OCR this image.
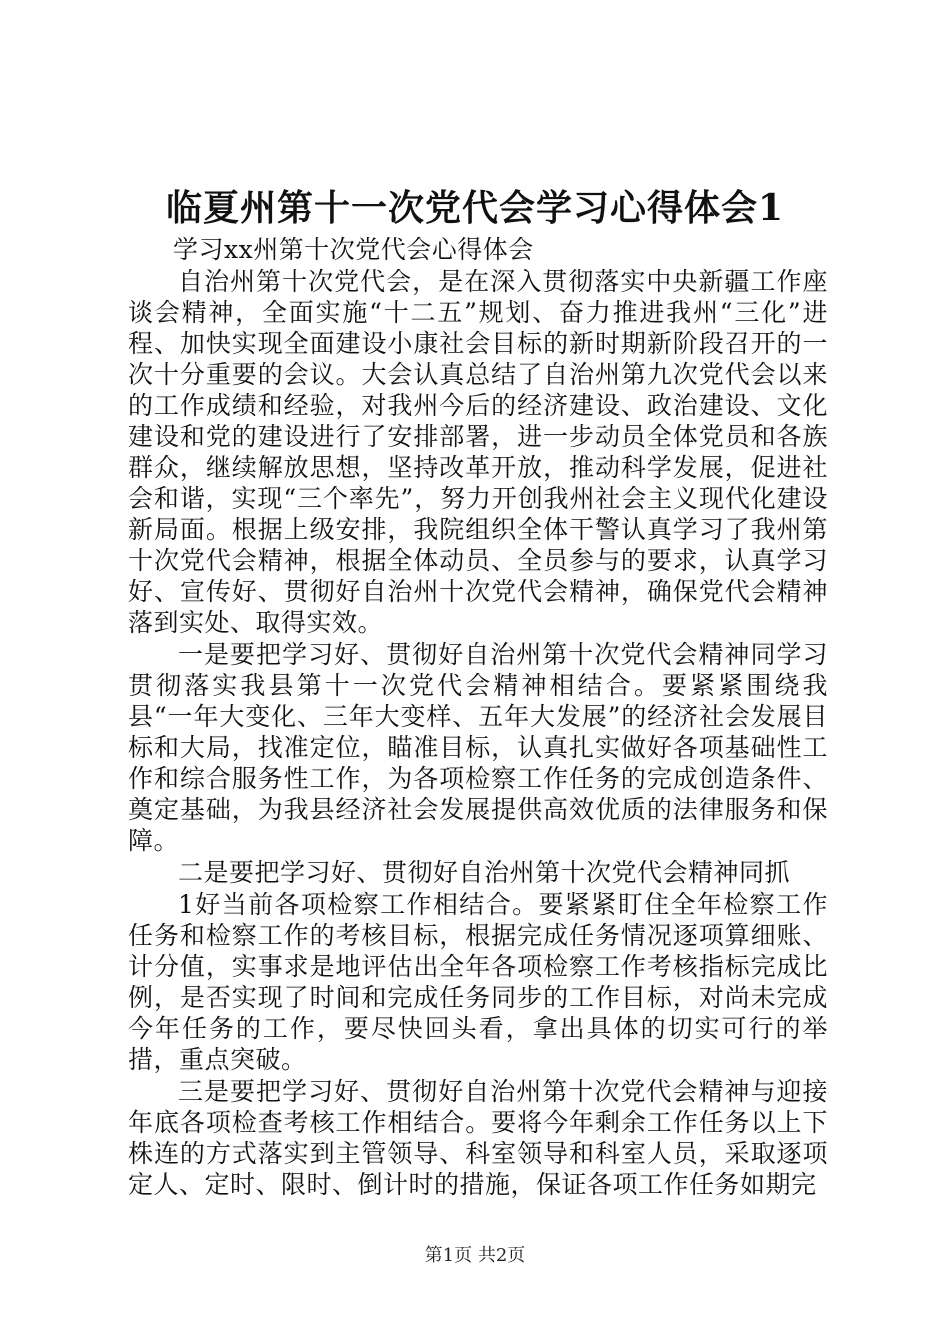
临夏州第十一次党代会学习心得体会1

学习xx州第十次党代会心得体会

自治州第十次党代会，是在深入贯彻落实中央新疆工作座谈会精神，全面实施“十二五”规划、奋力推进我州“三化”进程、加快实现全面建设小康社会目标的新时期新阶段召开的一次十分重要的会议。大会认真总结了自治州第九次党代会以来的工作成绩和经验，对我州今后的经济建设、政治建设、文化建设和党的建设进行了安排部署，进一步动员全体党员和各族群众，继续解放思想，坚持改革开放，推动科学发展，促进社会和谐，实现“三个率先”，努力开创我州社会主义现代化建设新局面。根据上级安排，我院组织全体干警认真学习了我州第十次党代会精神，根据全体动员、全员参与的要求，认真学习好、宣传好、贯彻好自治州十次党代会精神，确保党代会精神落到实处、取得实效。

一是要把学习好、贯彻好自治州第十次党代会精神同学习贯彻落实我县第十一次党代会精神相结合。要紧紧围绕我县“一年大变化、三年大变样、五年大发展”的经济社会发展目标和大局，找准定位，瞄准目标，认真扎实做好各项基础性工作和综合服务性工作，为各项检察工作任务的完成创造条件、奠定基础，为我县经济社会发展提供高效优质的法律服务和保障。

二是要把学习好、贯彻好自治州第十次党代会精神同抓

1好当前各项检察工作相结合。要紧紧盯住全年检察工作任务和检察工作的考核目标，根据完成任务情况逐项算细账、计分值，实事求是地评估出全年各项检察工作考核指标完成比例，是否实现了时间和完成任务同步的工作目标，对尚未完成今年任务的工作，要尽快回头看，拿出具体的切实可行的举措，重点突破。

三是要把学习好、贯彻好自治州第十次党代会精神与迎接年底各项检查考核工作相结合。要将今年剩余工作任务以上下株连的方式落实到主管领导、科室领导和科室人员，采取逐项定人、定时、限时、倒计时的措施，保证各项工作任务如期完

第1页 共2页
